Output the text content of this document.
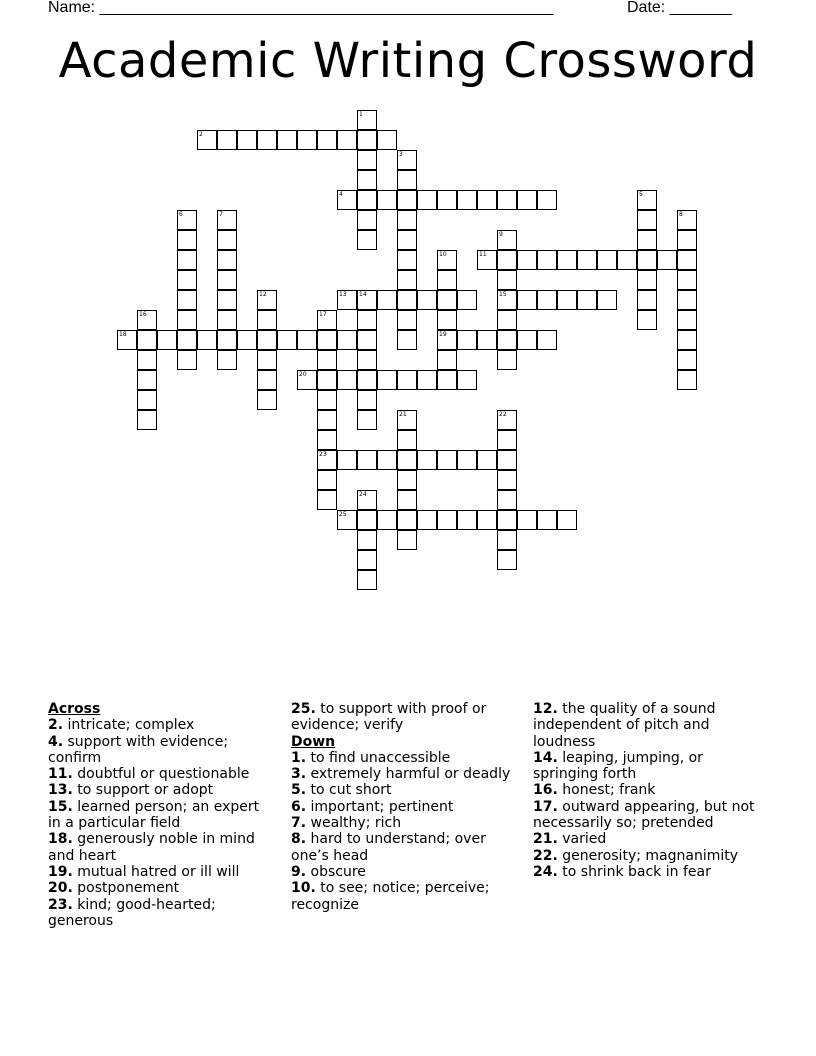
Name: ___________________________________________________	Date: _______
Academic Writing Crossword
2
4
11
13	15
18	19
20
23
25
1
3
5
6	7	8
9
10
12	14
16	17
21	22
24
Across
2. intricate; complex
4. support with evidence; confirm
11. doubtful or questionable
13. to support or adopt
15. learned person; an expert in a particular field
18. generously noble in mind and heart
19. mutual hatred or ill will
20. postponement
23. kind; good-hearted; generous
25. to support with proof or evidence; verify
Down
1. to find unaccessible
3. extremely harmful or deadly
5. to cut short
6. important; pertinent
7. wealthy; rich
8. hard to understand; over one’s head
9. obscure
10. to see; notice; perceive; recognize
12. the quality of a sound independent of pitch and loudness
14. leaping, jumping, or springing forth
16. honest; frank
17. outward appearing, but not necessarily so; pretended
21. varied
22. generosity; magnanimity
24. to shrink back in fear
